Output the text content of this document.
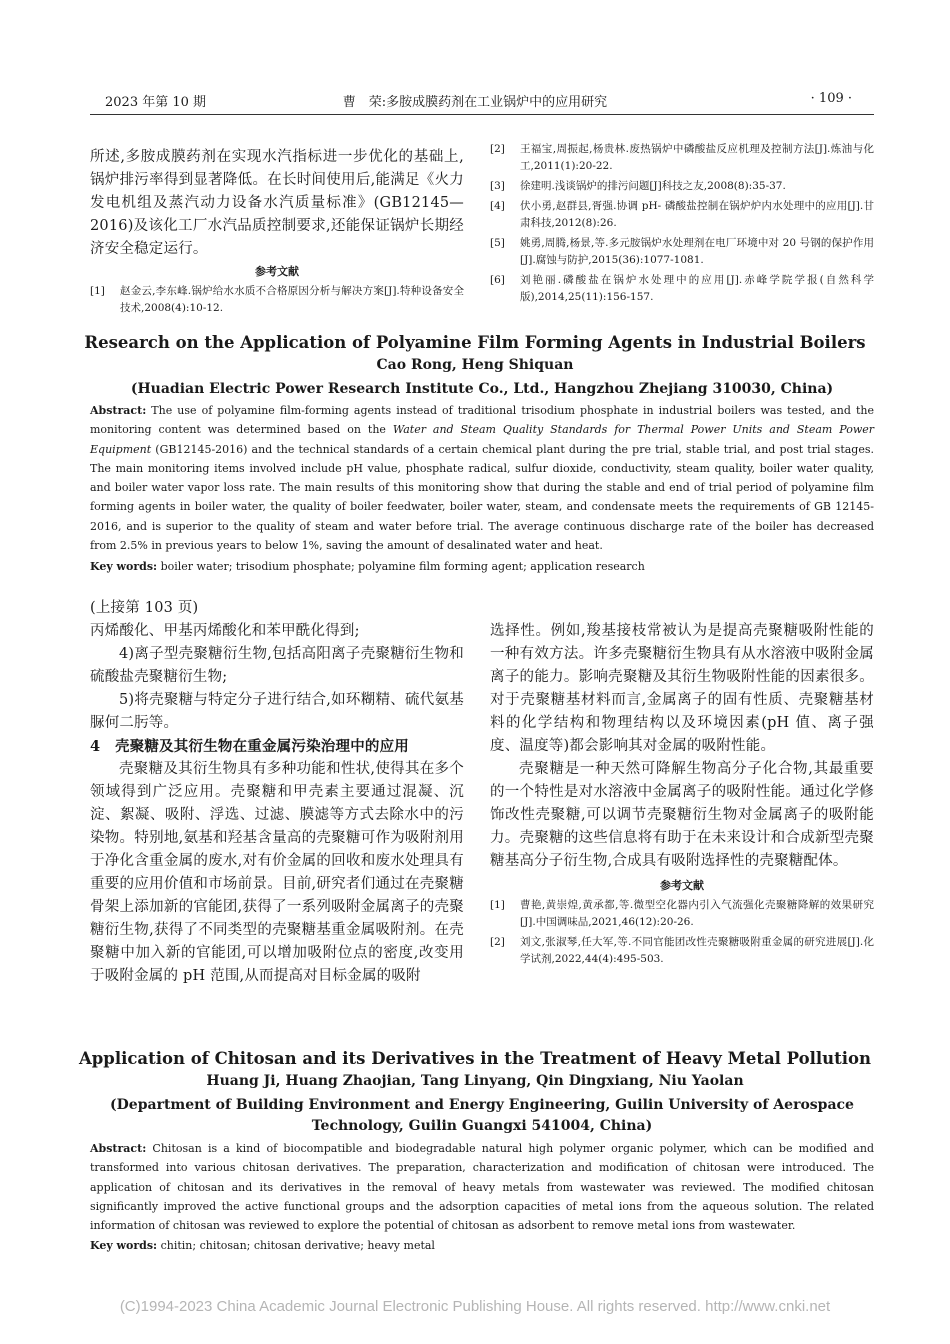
2023 年第 10 期	曹　荣:多胺成膜药剂在工业锅炉中的应用研究	· 109 ·

所述,多胺成膜药剂在实现水汽指标进一步优化的基础上,锅炉排污率得到显著降低。在长时间使用后,能满足《火力发电机组及蒸汽动力设备水汽质量标准》(GB12145—2016)及该化工厂水汽品质控制要求,还能保证锅炉长期经济安全稳定运行。

参考文献
[1]	赵金云,李东峰.锅炉给水水质不合格原因分析与解决方案[J].特种设备安全技术,2008(4):10-12.
[2]	王福宝,周振起,杨贵林.废热锅炉中磷酸盐反应机理及控制方法[J].炼油与化工,2011(1):20-22.
[3]	徐建明.浅谈锅炉的排污问题[J]科技之友,2008(8):35-37.
[4]	伏小勇,赵群县,胥强.协调 pH- 磷酸盐控制在锅炉炉内水处理中的应用[J].甘肃科技,2012(8):26.
[5]	姚勇,周腾,杨景,等.多元胺锅炉水处理剂在电厂环境中对 20 号钢的保护作用[J].腐蚀与防护,2015(36):1077-1081.
[6]	刘艳丽.磷酸盐在锅炉水处理中的应用[J].赤峰学院学报(自然科学版),2014,25(11):156-157.
Research on the Application of Polyamine Film Forming Agents in Industrial Boilers
Cao Rong, Heng Shiquan
(Huadian Electric Power Research Institute Co., Ltd., Hangzhou Zhejiang 310030, China)
Abstract: The use of polyamine film-forming agents instead of traditional trisodium phosphate in industrial boilers was tested, and the monitoring content was determined based on the Water and Steam Quality Standards for Thermal Power Units and Steam Power Equipment (GB12145-2016) and the technical standards of a certain chemical plant during the pre trial, stable trial, and post trial stages. The main monitoring items involved include pH value, phosphate radical, sulfur dioxide, conductivity, steam quality, boiler water quality, and boiler water vapor loss rate. The main results of this monitoring show that during the stable and end of trial period of polyamine film forming agents in boiler water, the quality of boiler feedwater, boiler water, steam, and condensate meets the requirements of GB 12145-2016, and is superior to the quality of steam and water before trial. The average continuous discharge rate of the boiler has decreased from 2.5% in previous years to below 1%, saving the amount of desalinated water and heat.
Key words: boiler water; trisodium phosphate; polyamine film forming agent; application research
(上接第 103 页)

丙烯酸化、甲基丙烯酸化和苯甲酰化得到;

4)离子型壳聚糖衍生物,包括高阳离子壳聚糖衍生物和硫酸盐壳聚糖衍生物;

5)将壳聚糖与特定分子进行结合,如环糊精、硫代氨基脲何二肟等。

4　壳聚糖及其衍生物在重金属污染治理中的应用

壳聚糖及其衍生物具有多种功能和性状,使得其在多个领域得到广泛应用。壳聚糖和甲壳素主要通过混凝、沉淀、絮凝、吸附、浮选、过滤、膜滤等方式去除水中的污染物。特别地,氨基和羟基含量高的壳聚糖可作为吸附剂用于净化含重金属的废水,对有价金属的回收和废水处理具有重要的应用价值和市场前景。目前,研究者们通过在壳聚糖骨架上添加新的官能团,获得了一系列吸附金属离子的壳聚糖衍生物,获得了不同类型的壳聚糖基重金属吸附剂。在壳聚糖中加入新的官能团,可以增加吸附位点的密度,改变用于吸附金属的 pH 范围,从而提高对目标金属的吸附

选择性。例如,羧基接枝常被认为是提高壳聚糖吸附性能的一种有效方法。许多壳聚糖衍生物具有从水溶液中吸附金属离子的能力。影响壳聚糖及其衍生物吸附性能的因素很多。对于壳聚糖基材料而言,金属离子的固有性质、壳聚糖基材料的化学结构和物理结构以及环境因素(pH 值、离子强度、温度等)都会影响其对金属的吸附性能。

壳聚糖是一种天然可降解生物高分子化合物,其最重要的一个特性是对水溶液中金属离子的吸附性能。通过化学修饰改性壳聚糖,可以调节壳聚糖衍生物对金属离子的吸附能力。壳聚糖的这些信息将有助于在未来设计和合成新型壳聚糖基高分子衍生物,合成具有吸附选择性的壳聚糖配体。

参考文献
[1]	曹艳,黄崇煌,黄承都,等.微型空化器内引入气流强化壳聚糖降解的效果研究[J].中国调味品,2021,46(12):20-26.
[2]	刘文,张淑琴,任大军,等.不同官能团改性壳聚糖吸附重金属的研究进展[J].化学试剂,2022,44(4):495-503.
Application of Chitosan and its Derivatives in the Treatment of Heavy Metal Pollution
Huang Ji, Huang Zhaojian, Tang Linyang, Qin Dingxiang, Niu Yaolan
(Department of Building Environment and Energy Engineering, Guilin University of Aerospace Technology, Guilin Guangxi 541004, China)
Abstract: Chitosan is a kind of biocompatible and biodegradable natural high polymer organic polymer, which can be modified and transformed into various chitosan derivatives. The preparation, characterization and modification of chitosan were introduced. The application of chitosan and its derivatives in the removal of heavy metals from wastewater was reviewed. The modified chitosan significantly improved the active functional groups and the adsorption capacities of metal ions from the aqueous solution. The related information of chitosan was reviewed to explore the potential of chitosan as adsorbent to remove metal ions from wastewater.
Key words: chitin; chitosan; chitosan derivative; heavy metal
(C)1994-2023 China Academic Journal Electronic Publishing House. All rights reserved. http://www.cnki.net
